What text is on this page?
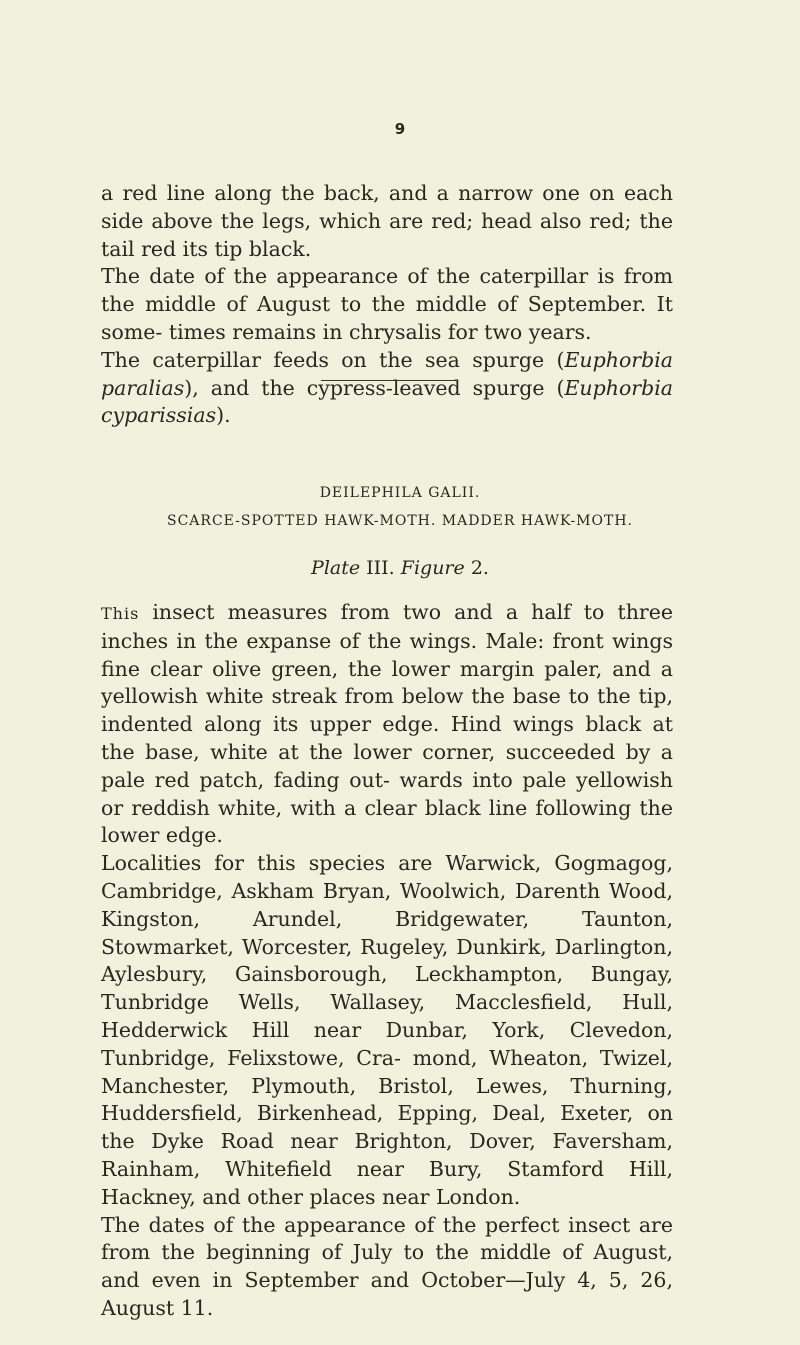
9

a red line along the back, and a narrow one on each side above the legs, which are red; head also red; the tail red its tip black.

The date of the appearance of the caterpillar is from the middle of August to the middle of September. It some- times remains in chrysalis for two years.

The caterpillar feeds on the sea spurge (Euphorbia paralias), and the cypress-leaved spurge (Euphorbia cyparissias).

DEILEPHILA GALII.
SCARCE-SPOTTED HAWK-MOTH. MADDER HAWK-MOTH.
Plate III. Figure 2.

This insect measures from two and a half to three inches in the expanse of the wings. Male: front wings fine clear olive green, the lower margin paler, and a yellowish white streak from below the base to the tip, indented along its upper edge. Hind wings black at the base, white at the lower corner, succeeded by a pale red patch, fading out- wards into pale yellowish or reddish white, with a clear black line following the lower edge.

Localities for this species are Warwick, Gogmagog, Cambridge, Askham Bryan, Woolwich, Darenth Wood, Kingston, Arundel, Bridgewater, Taunton, Stowmarket, Worcester, Rugeley, Dunkirk, Darlington, Aylesbury, Gainsborough, Leckhampton, Bungay, Tunbridge Wells, Wallasey, Macclesfield, Hull, Hedderwick Hill near Dunbar, York, Clevedon, Tunbridge, Felixstowe, Cra- mond, Wheaton, Twizel, Manchester, Plymouth, Bristol, Lewes, Thurning, Huddersfield, Birkenhead, Epping, Deal, Exeter, on the Dyke Road near Brighton, Dover, Faversham, Rainham, Whitefield near Bury, Stamford Hill, Hackney, and other places near London.

The dates of the appearance of the perfect insect are from the beginning of July to the middle of August, and even in September and October—July 4, 5, 26, August 11.
